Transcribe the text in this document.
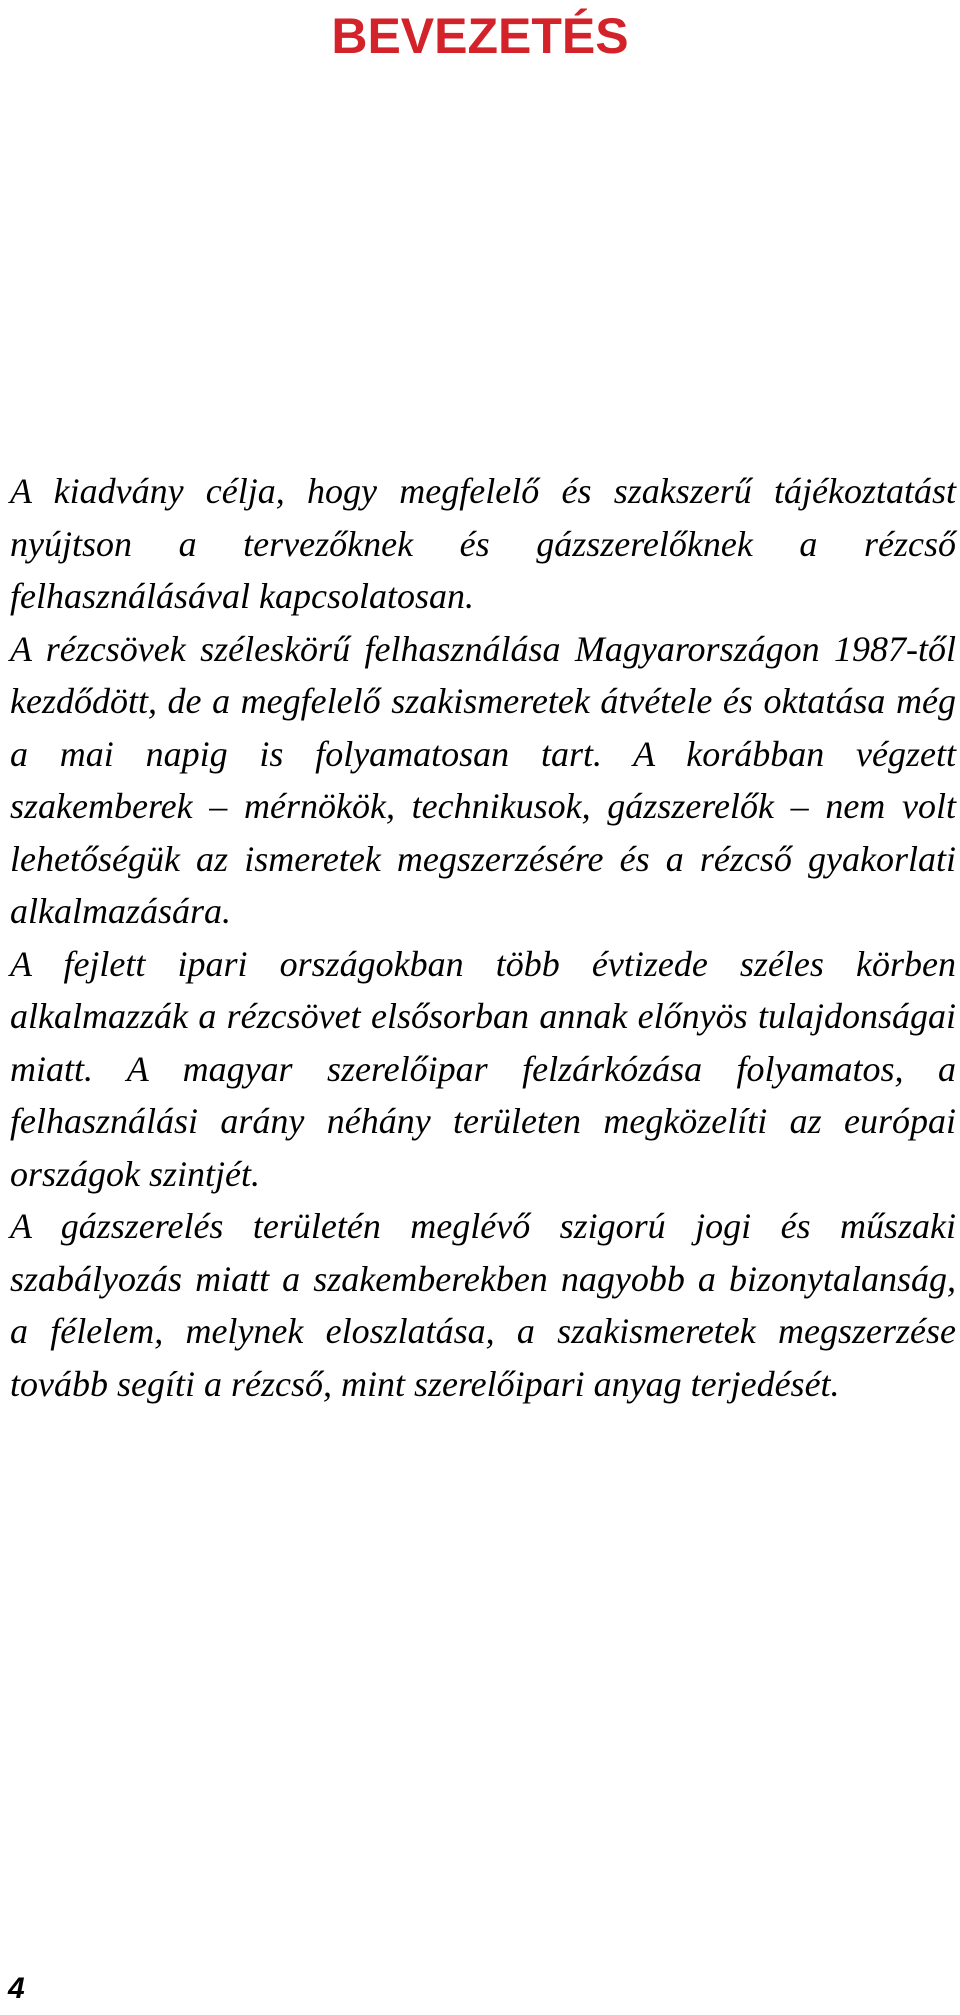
BEVEZETÉS

A kiadvány célja, hogy megfelelő és szakszerű tájékoztatást nyújtson a tervezőknek és gázszerelőknek a rézcső felhasználásával kapcsolatosan.

A rézcsövek széleskörű felhasználása Magyarországon 1987-től kezdődött, de a megfelelő szakismeretek átvétele és oktatása még a mai napig is folyamatosan tart. A korábban végzett szakemberek – mérnökök, technikusok, gázszerelők – nem volt lehetőségük az ismeretek megszerzésére és a rézcső gyakorlati alkalmazására.

A fejlett ipari országokban több évtizede széles körben alkalmazzák a rézcsövet elsősorban annak előnyös tulajdonságai miatt. A magyar szerelőipar felzárkózása folyamatos, a felhasználási arány néhány területen megközelíti az európai országok szintjét.

A gázszerelés területén meglévő szigorú jogi és műszaki szabályozás miatt a szakemberekben nagyobb a bizonytalanság, a félelem, melynek eloszlatása, a szakismeretek megszerzése tovább segíti a rézcső, mint szerelőipari anyag terjedését.

4
